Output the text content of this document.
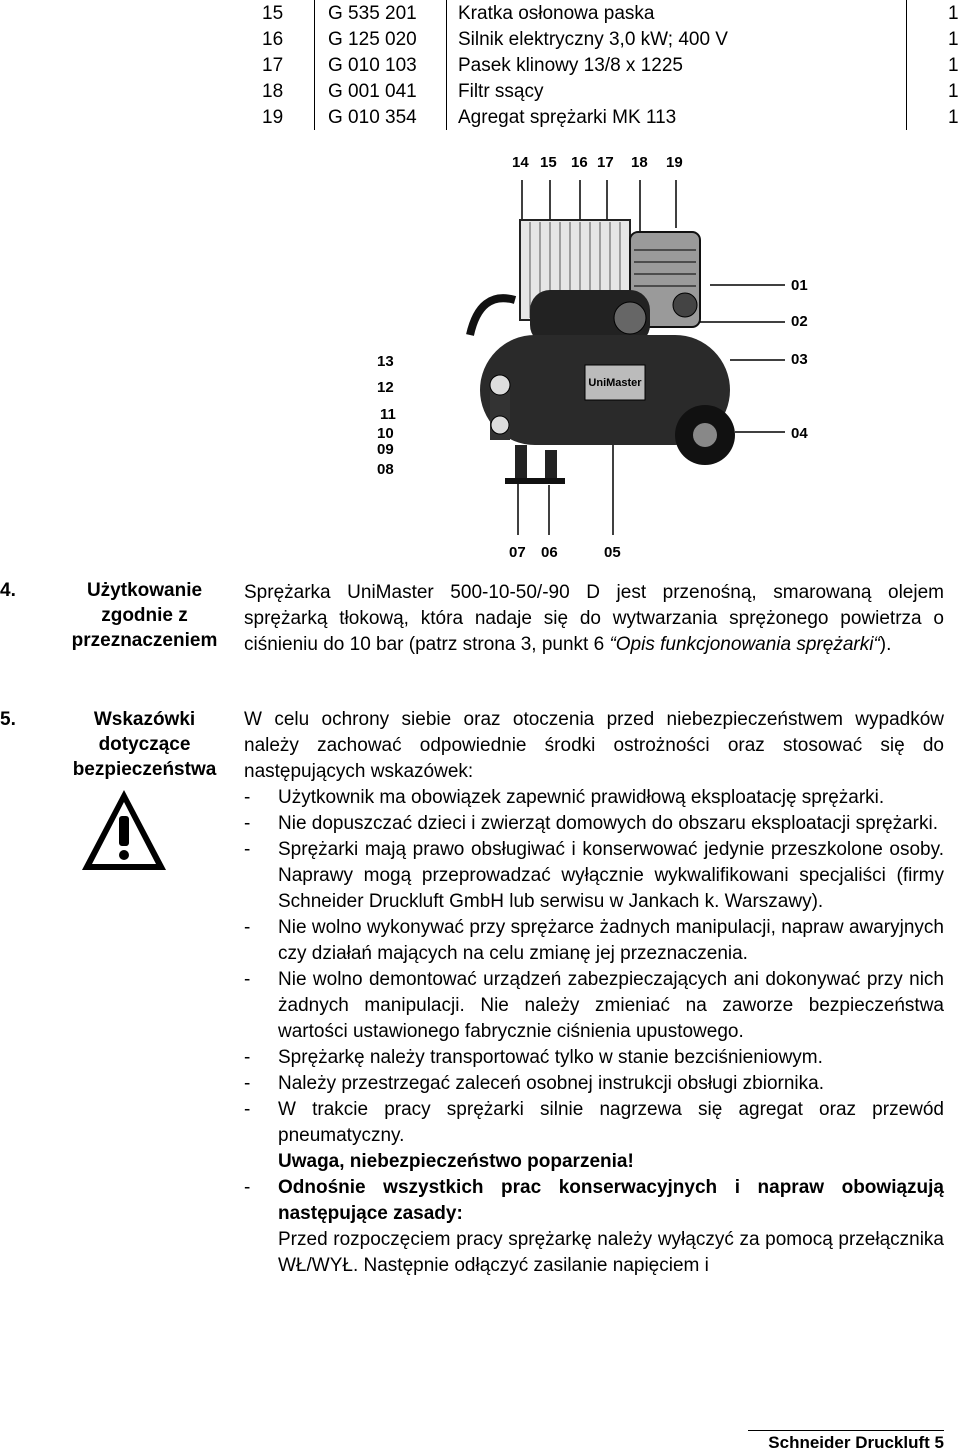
15 G 535 201 Kratka osłonowa paska	1
16 G 125 020 Silnik elektryczny 3,0 kW; 400 V	1
17 G 010 103 Pasek klinowy 13/8 x 1225	1
18 G 001 041 Filtr ssący	1
19 G 010 354 Agregat sprężarki MK 113	1
UniMaster
14 15 16 17 18 19
01
02
03
04
13
12
11
10
09
08
07 06	05
4.	Użytkowanie
zgodnie z
przeznaczeniem

Sprężarka UniMaster 500-10-50/-90 D jest przenośną, smarowaną olejem sprężarką tłokową, która nadaje się do wytwarzania sprężonego powietrza o ciśnieniu do 10 bar (patrz strona 3, punkt 6 “Opis funkcjonowania sprężarki“).

5.	Wskazówki
dotyczące
bezpieczeństwa

W celu ochrony siebie oraz otoczenia przed niebezpieczeństwem wypadków należy zachować odpowiednie środki ostrożności oraz stosować się do następujących wskazówek:

- Użytkownik ma obowiązek zapewnić prawidłową eksploatację sprężarki.

- Nie dopuszczać dzieci i zwierząt domowych do obszaru eksploatacji sprężarki.

- Sprężarki mają prawo obsługiwać i konserwować jedynie przeszkolone osoby. Naprawy mogą przeprowadzać wyłącznie wykwalifikowani specjaliści (firmy Schneider Druckluft GmbH lub serwisu w Jankach k. Warszawy).

- Nie wolno wykonywać przy sprężarce żadnych manipulacji, napraw awaryjnych czy działań mających na celu zmianę jej przeznaczenia.

- Nie wolno demontować urządzeń zabezpieczających ani dokonywać przy nich żadnych manipulacji. Nie należy zmieniać na zaworze bezpieczeństwa wartości ustawionego fabrycznie ciśnienia upustowego.

- Sprężarkę należy transportować tylko w stanie bezciśnieniowym.

- Należy przestrzegać zaleceń osobnej instrukcji obsługi zbiornika.

- W trakcie pracy sprężarki silnie nagrzewa się agregat oraz przewód pneumatyczny.

Uwaga, niebezpieczeństwo poparzenia!

- Odnośnie wszystkich prac konserwacyjnych i napraw obowiązują następujące zasady:

Przed rozpoczęciem pracy sprężarkę należy wyłączyć za pomocą przełącznika WŁ/WYŁ. Następnie odłączyć zasilanie napięciem i

Schneider Druckluft 5
